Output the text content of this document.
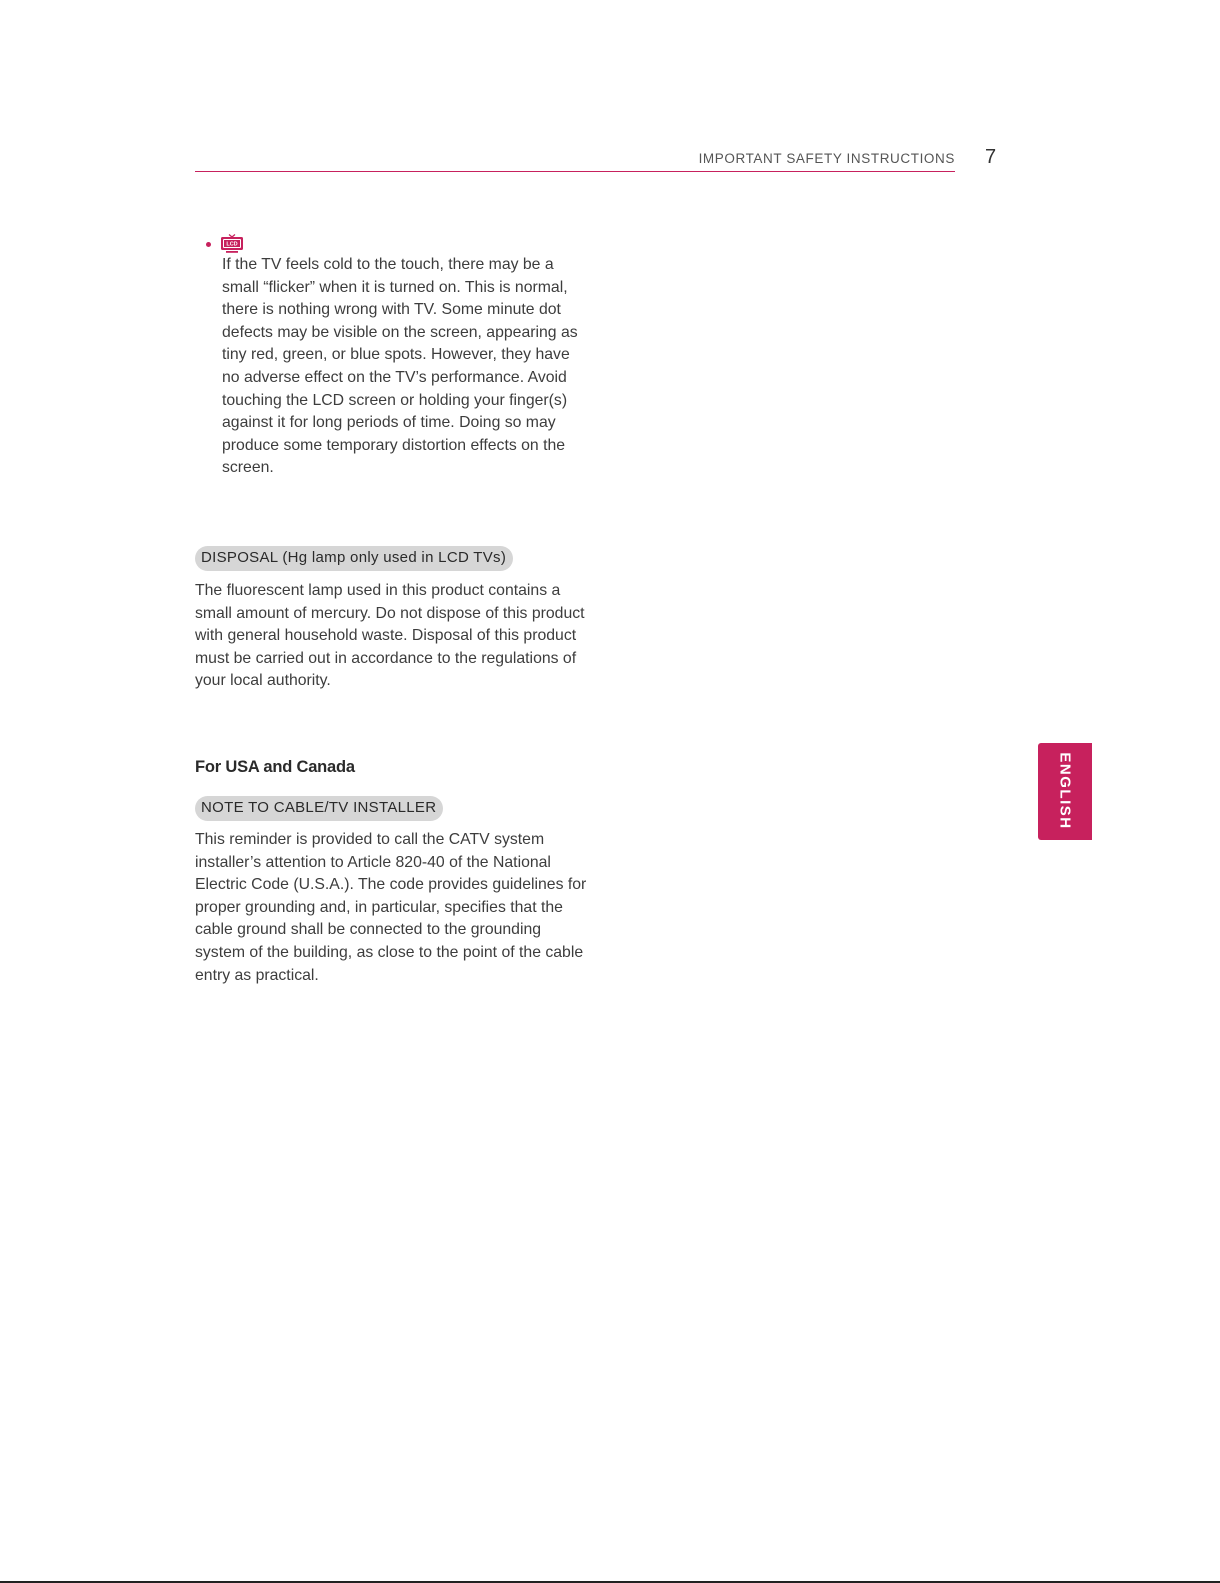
IMPORTANT SAFETY INSTRUCTIONS 7
LCD

If the TV feels cold to the touch, there may be a small “flicker” when it is turned on. This is normal, there is nothing wrong with TV. Some minute dot defects may be visible on the screen, appearing as tiny red, green, or blue spots. However, they have no adverse effect on the TV’s performance. Avoid touching the LCD screen or holding your finger(s) against it for long periods of time. Doing so may produce some temporary distortion effects on the screen.

DISPOSAL (Hg lamp only used in LCD TVs)

The fluorescent lamp used in this product contains a small amount of mercury. Do not dispose of this product with general household waste. Disposal of this product must be carried out in accordance to the regulations of your local authority.

For USA and Canada
NOTE TO CABLE/TV INSTALLER

This reminder is provided to call the CATV system installer’s attention to Article 820-40 of the National Electric Code (U.S.A.). The code provides guidelines for proper grounding and, in particular, specifies that the cable ground shall be connected to the grounding system of the building, as close to the point of the cable entry as practical.

ENGLISH
